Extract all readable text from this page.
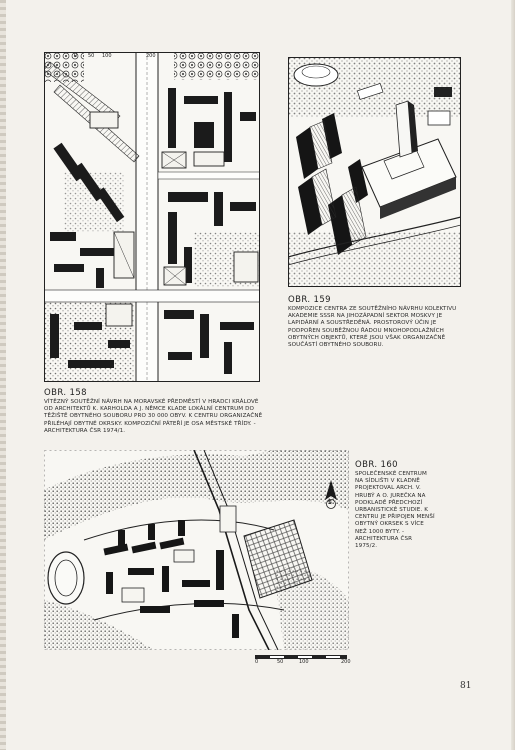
0 50 100	200
S
0	50	100	200
OBR. 158
VÍTĚZNÝ SOUTĚŽNÍ NÁVRH NA MORAVSKÉ PŘEDMĚSTÍ V HRADCI KRÁLOVÉ OD ARCHITEKTŮ K. KARHOLDA A J. NĚMCE KLADE LOKÁLNÍ CENTRUM DO TĚŽIŠTĚ OBYTNÉHO SOUBORU PRO 30 000 OBYV. K CENTRU ORGANIZAČNĚ PŘILÉHAJÍ OBYTNÉ OKRSKY. KOMPOZIČNÍ PÁTEŘÍ JE OSA MĚSTSKÉ TŘÍDY. -ARCHITEKTURA ČSR 1974/1.
OBR. 159
KOMPOZICE CENTRA ZE SOUTĚŽNÍHO NÁVRHU KOLEKTIVU AKADEMIE SSSR NA JIHOZÁPADNÍ SEKTOR MOSKVY JE LAPIDÁRNÍ A SOUSTŘEDĚNÁ. PROSTOROVÝ ÚČIN JE PODPOŘEN SOUBĚŽNOU ŘADOU MNOHOPODLAŽNÍCH OBYTNÝCH OBJEKTŮ, KTERÉ JSOU VŠAK ORGANIZAČNĚ SOUČÁSTÍ OBYTNÉHO SOUBORU.
OBR. 160
SPOLEČENSKÉ CENTRUM NA SÍDLIŠTI V KLADNĚ PROJEKTOVAL ARCH. V. HRUBÝ A O. JUREČKA NA PODKLADĚ PŘEDCHOZÍ URBANISTICKÉ STUDIE. K CENTRU JE PŘIPOJEN MENŠÍ OBYTNÝ OKRSEK S VÍCE NEŽ 1000 BYTY. -ARCHITEKTURA ČSR 1975/2.
81
